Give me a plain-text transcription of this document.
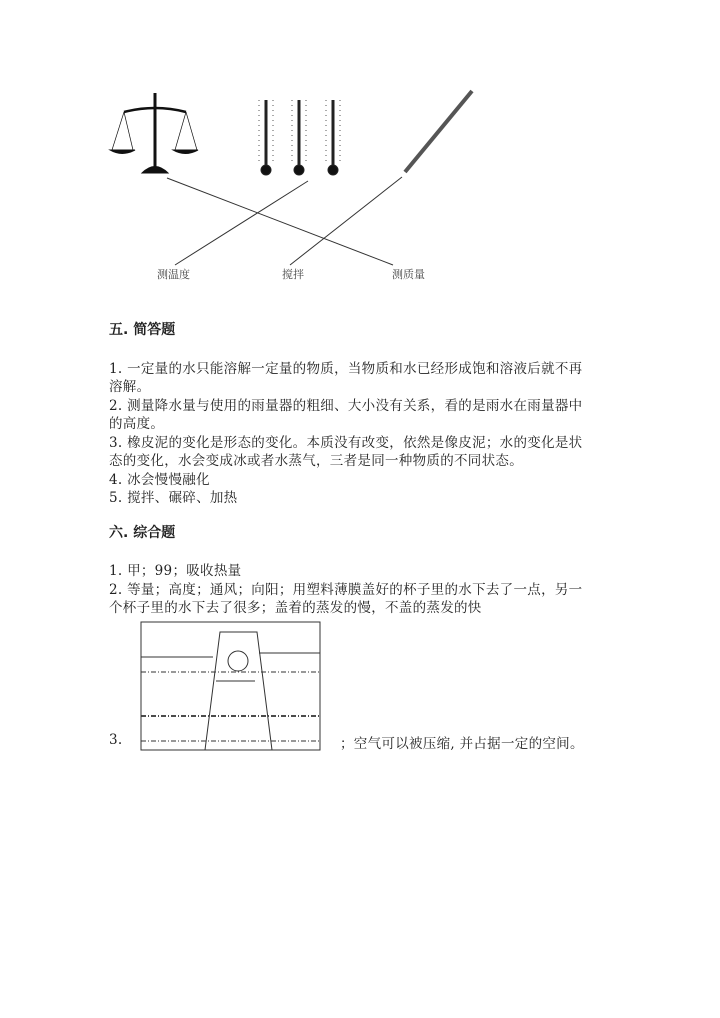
测温度	搅拌	测质量
五. 简答题
1. 一定量的水只能溶解一定量的物质，当物质和水已经形成饱和溶液后就不再
溶解。
2. 测量降水量与使用的雨量器的粗细、大小没有关系，看的是雨水在雨量器中
的高度。
3. 橡皮泥的变化是形态的变化。本质没有改变，依然是像皮泥；水的变化是状
态的变化，水会变成冰或者水蒸气，三者是同一种物质的不同状态。
4. 冰会慢慢融化
5. 搅拌、碾碎、加热
六. 综合题
1. 甲；99；吸收热量
2. 等量；高度；通风；向阳；用塑料薄膜盖好的杯子里的水下去了一点，另一
个杯子里的水下去了很多；盖着的蒸发的慢，不盖的蒸发的快
3.	；空气可以被压缩, 并占据一定的空间。
